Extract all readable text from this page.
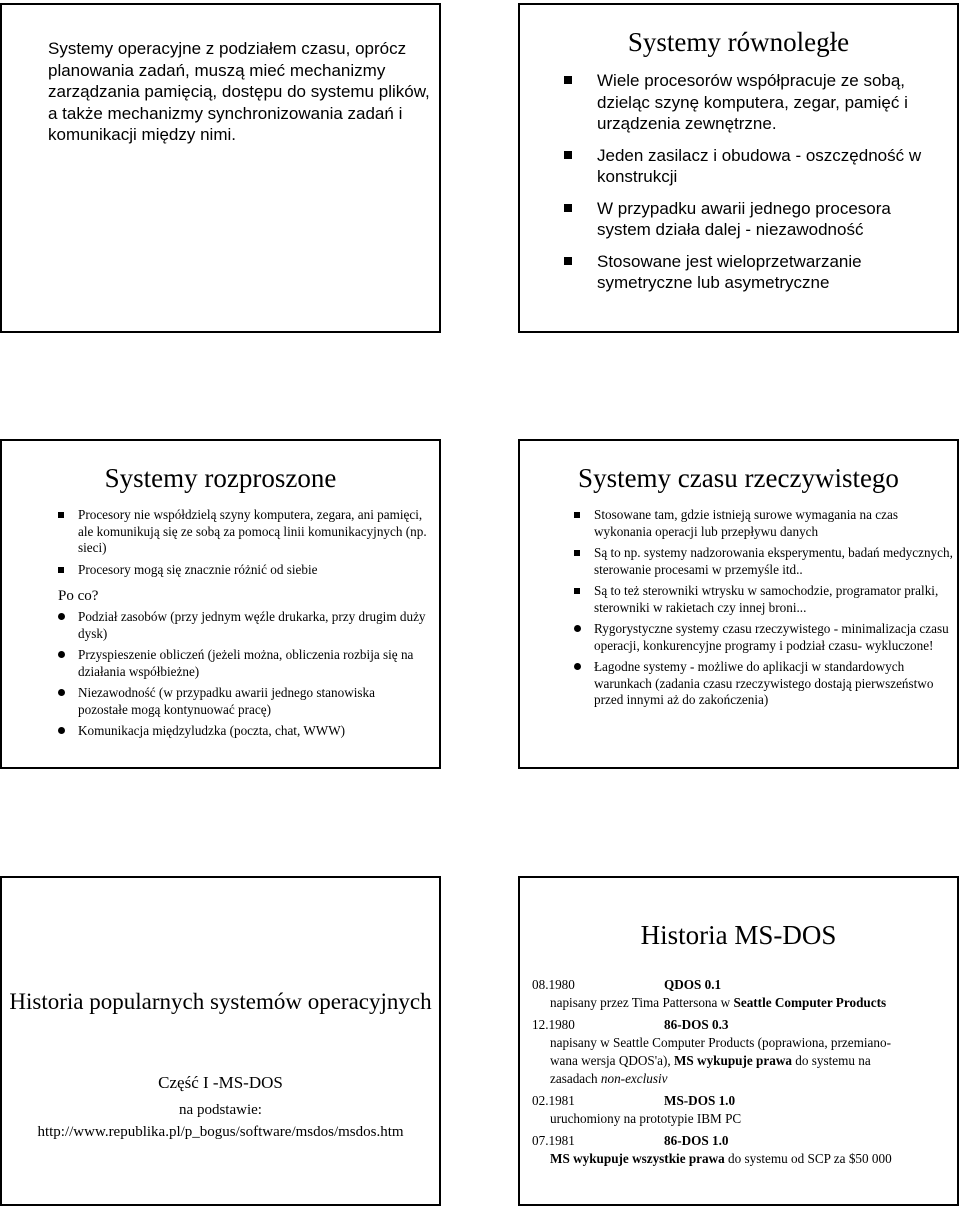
Systemy operacyjne z podziałem czasu, oprócz planowania zadań, muszą mieć mechanizmy zarządzania pamięcią, dostępu do systemu plików, a także mechanizmy synchronizowania zadań i komunikacji między nimi.
Systemy równoległe
Wiele procesorów współpracuje ze sobą, dzieląc szynę komputera, zegar, pamięć i urządzenia zewnętrzne.
Jeden zasilacz i obudowa - oszczędność w konstrukcji
W przypadku awarii jednego procesora system działa dalej - niezawodność
Stosowane jest wieloprzetwarzanie symetryczne lub asymetryczne
Systemy rozproszone
Procesory nie współdzielą szyny komputera, zegara, ani pamięci, ale komunikują się ze sobą za pomocą linii komunikacyjnych (np. sieci)
Procesory mogą się znacznie różnić od siebie
Po co?
Podział zasobów (przy jednym węźle drukarka, przy drugim duży dysk)
Przyspieszenie obliczeń (jeżeli można, obliczenia rozbija się na działania współbieżne)
Niezawodność (w przypadku awarii jednego stanowiska pozostałe mogą kontynuować pracę)
Komunikacja międzyludzka (poczta, chat, WWW)
Systemy czasu rzeczywistego
Stosowane tam, gdzie istnieją surowe wymagania na czas wykonania operacji lub przepływu danych
Są to np. systemy nadzorowania eksperymentu, badań medycznych, sterowanie procesami w przemyśle itd..
Są to też sterowniki wtrysku w samochodzie, programator pralki, sterowniki w rakietach czy innej broni...
Rygorystyczne systemy czasu rzeczywistego - minimalizacja czasu operacji, konkurencyjne programy i podział czasu- wykluczone!
Łagodne systemy - możliwe do aplikacji w standardowych warunkach (zadania czasu rzeczywistego dostają pierwszeństwo przed innymi aż do zakończenia)
Historia popularnych systemów operacyjnych
Część I -MS-DOS
na podstawie:
http://www.republika.pl/p_bogus/software/msdos/msdos.htm
Historia MS-DOS
08.1980	QDOS 0.1
napisany przez Tima Pattersona w Seattle Computer Products
12.1980	86-DOS 0.3
napisany w Seattle Computer Products (poprawiona, przemiano-
wana wersja QDOS'a), MS wykupuje prawa do systemu na
zasadach non-exclusiv
02.1981	MS-DOS 1.0
uruchomiony na prototypie IBM PC
07.1981	86-DOS 1.0
MS wykupuje wszystkie prawa do systemu od SCP za $50 000
